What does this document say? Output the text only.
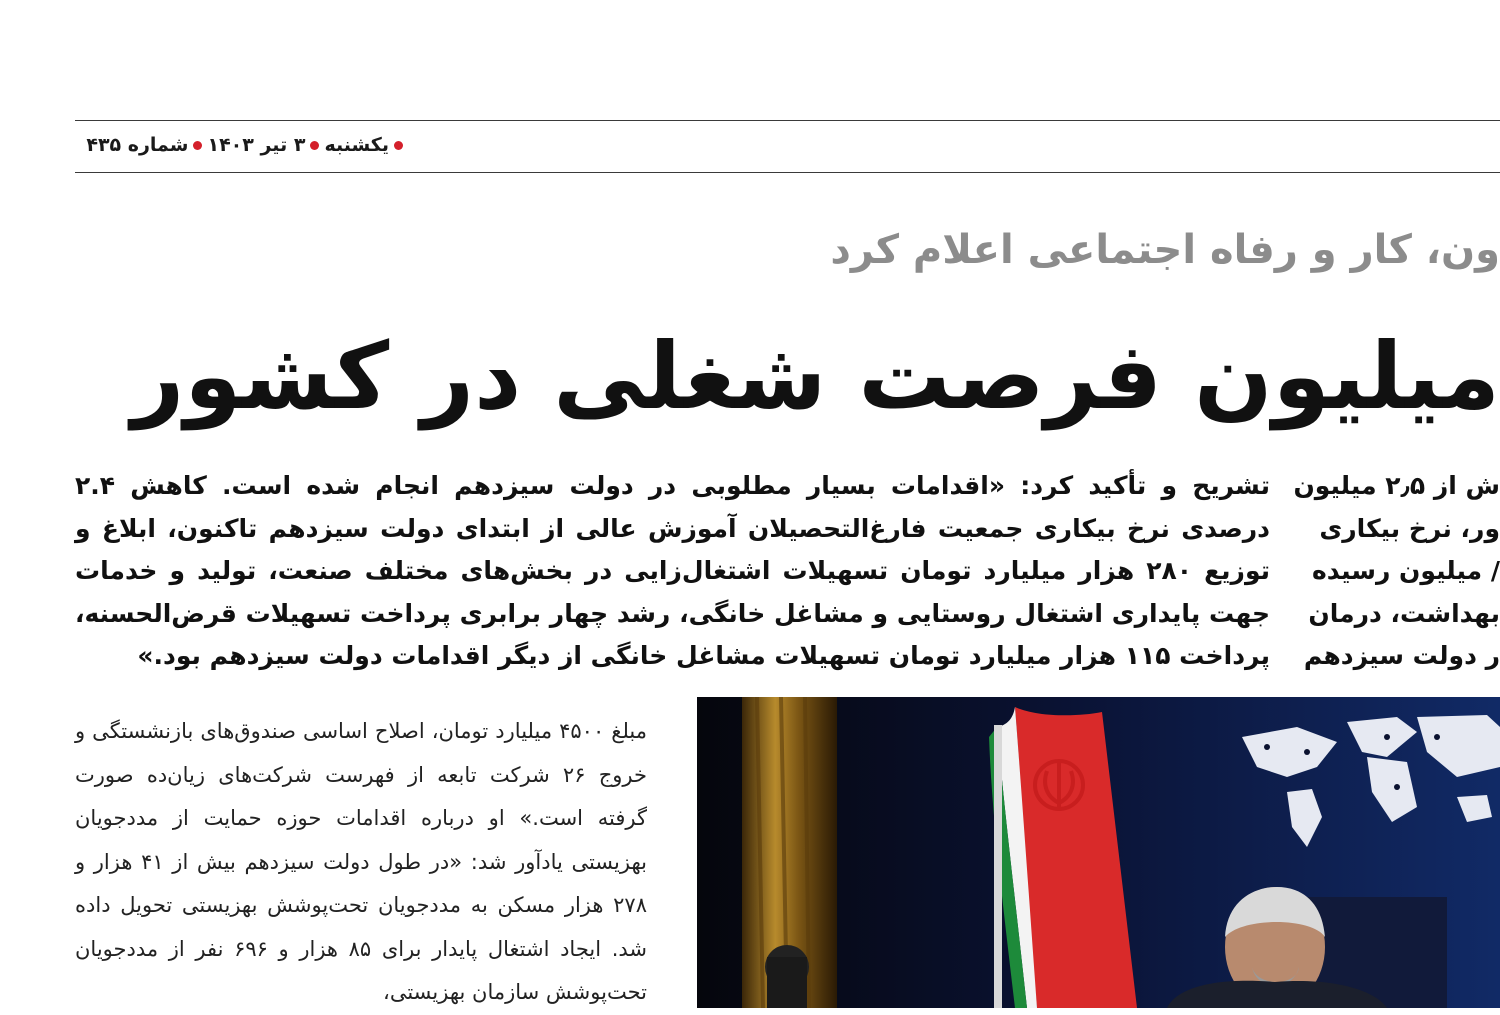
یکشنبه
۳ تیر ۱۴۰۳
شماره ۴۳۵
ون، کار و رفاه اجتماعی اعلام کرد
میلیون فرصت شغلی در کشور
تشریح و تأکید کرد: «اقدامات بسیار مطلوبی در دولت سیزدهم انجام شده است. کاهش ۲.۴ درصدی نرخ بیکاری جمعیت فارغ‌التحصیلان آموزش عالی از ابتدای دولت سیزدهم تاکنون، ابلاغ و توزیع ۲۸۰ هزار میلیارد تومان تسهیلات اشتغال‌زایی در بخش‌های مختلف صنعت، تولید و خدمات جهت پایداری اشتغال روستایی و مشاغل خانگی، رشد چهار برابری پرداخت تسهیلات قرض‌الحسنه، پرداخت ۱۱۵ هزار میلیارد تومان تسهیلات مشاغل خانگی از دیگر اقدامات دولت سیزدهم بود.»
ش از ۲٫۵ میلیون
ور، نرخ بیکاری
/ میلیون رسیده
بهداشت، درمان
ر دولت سیزدهم
مبلغ ۴۵۰۰ میلیارد تومان، اصلاح اساسی صندوق‌های بازنشستگی و خروج ۲۶ شرکت تابعه از فهرست شرکت‌های زیان‌ده صورت گرفته است.» او درباره اقدامات حوزه حمایت از مددجویان بهزیستی یادآور شد: «در طول دولت سیزدهم بیش از ۴۱ هزار و ۲۷۸ هزار مسکن به مددجویان تحت‌پوشش بهزیستی تحویل داده شد. ایجاد اشتغال پایدار برای ۸۵ هزار و ۶۹۶ نفر از مددجویان تحت‌پوشش سازمان بهزیستی،
